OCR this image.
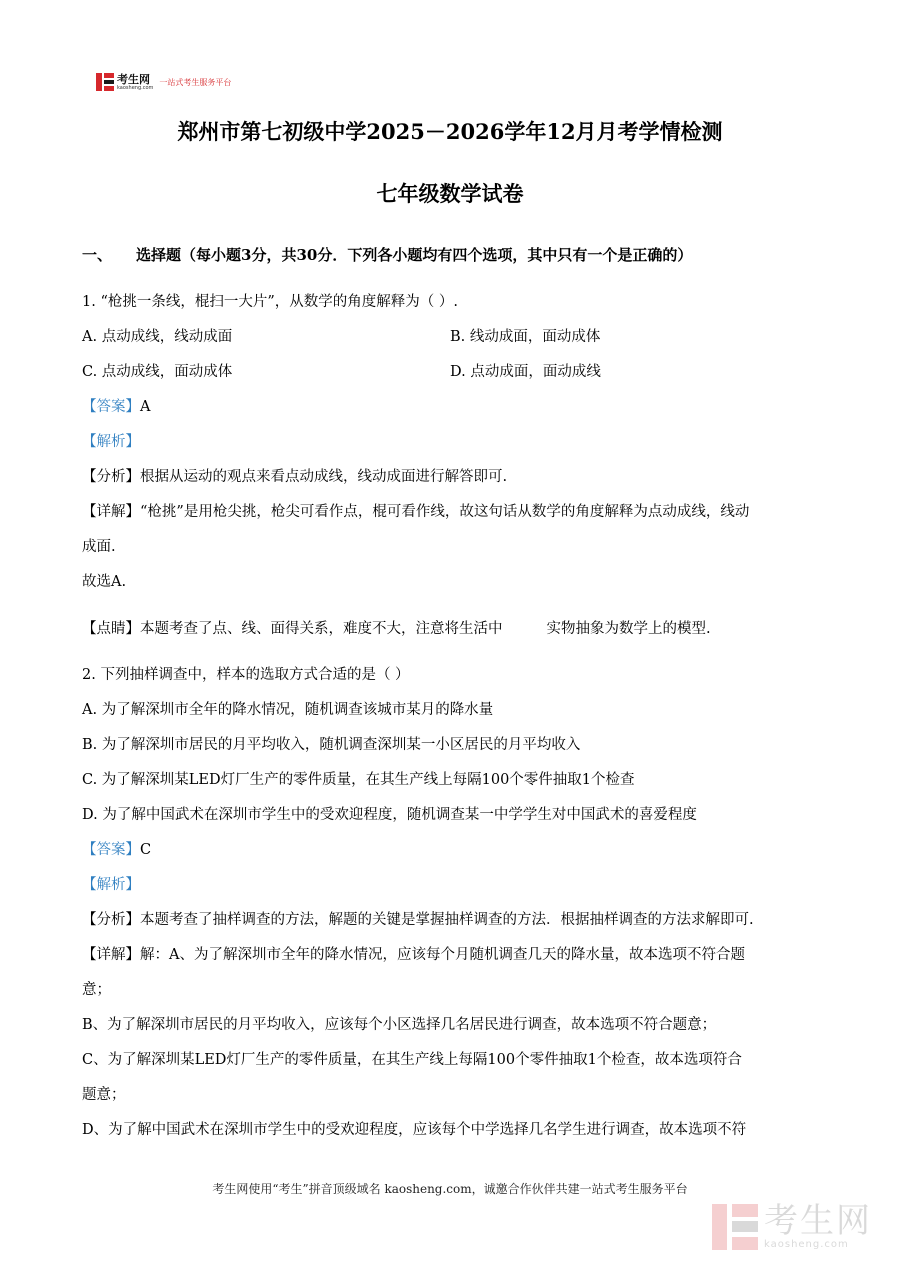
考生网
kaosheng.com
一站式考生服务平台
郑州市第七初级中学2025－2026学年12月月考学情检测
七年级数学试卷
一、 选择题（每小题3分，共30分．下列各小题均有四个选项，其中只有一个是正确的）
1. “枪挑一条线，棍扫一大片”，从数学的角度解释为（ ）.
A. 点动成线，线动成面	B. 线动成面，面动成体
C. 点动成线，面动成体	D. 点动成面，面动成线
【答案】A
【解析】
【分析】根据从运动的观点来看点动成线，线动成面进行解答即可.
【详解】“枪挑”是用枪尖挑，枪尖可看作点，棍可看作线，故这句话从数学的角度解释为点动成线，线动
成面.
故选A.
【点睛】本题考查了点、线、面得关系，难度不大，注意将生活中	实物抽象为数学上的模型.
2. 下列抽样调查中，样本的选取方式合适的是（ ）
A. 为了解深圳市全年的降水情况，随机调查该城市某月的降水量
B. 为了解深圳市居民的月平均收入，随机调查深圳某一小区居民的月平均收入
C. 为了解深圳某LED灯厂生产的零件质量，在其生产线上每隔100个零件抽取1个检查
D. 为了解中国武术在深圳市学生中的受欢迎程度，随机调查某一中学学生对中国武术的喜爱程度
【答案】C
【解析】
【分析】本题考查了抽样调查的方法，解题的关键是掌握抽样调查的方法．根据抽样调查的方法求解即可.
【详解】解：A、为了解深圳市全年的降水情况，应该每个月随机调查几天的降水量，故本选项不符合题
意；
B、为了解深圳市居民的月平均收入，应该每个小区选择几名居民进行调查，故本选项不符合题意；
C、为了解深圳某LED灯厂生产的零件质量，在其生产线上每隔100个零件抽取1个检查，故本选项符合
题意；
D、为了解中国武术在深圳市学生中的受欢迎程度，应该每个中学选择几名学生进行调查，故本选项不符
考生网使用“考生”拼音顶级域名 kaosheng.com，诚邀合作伙伴共建一站式考生服务平台
考生网
kaosheng.com
